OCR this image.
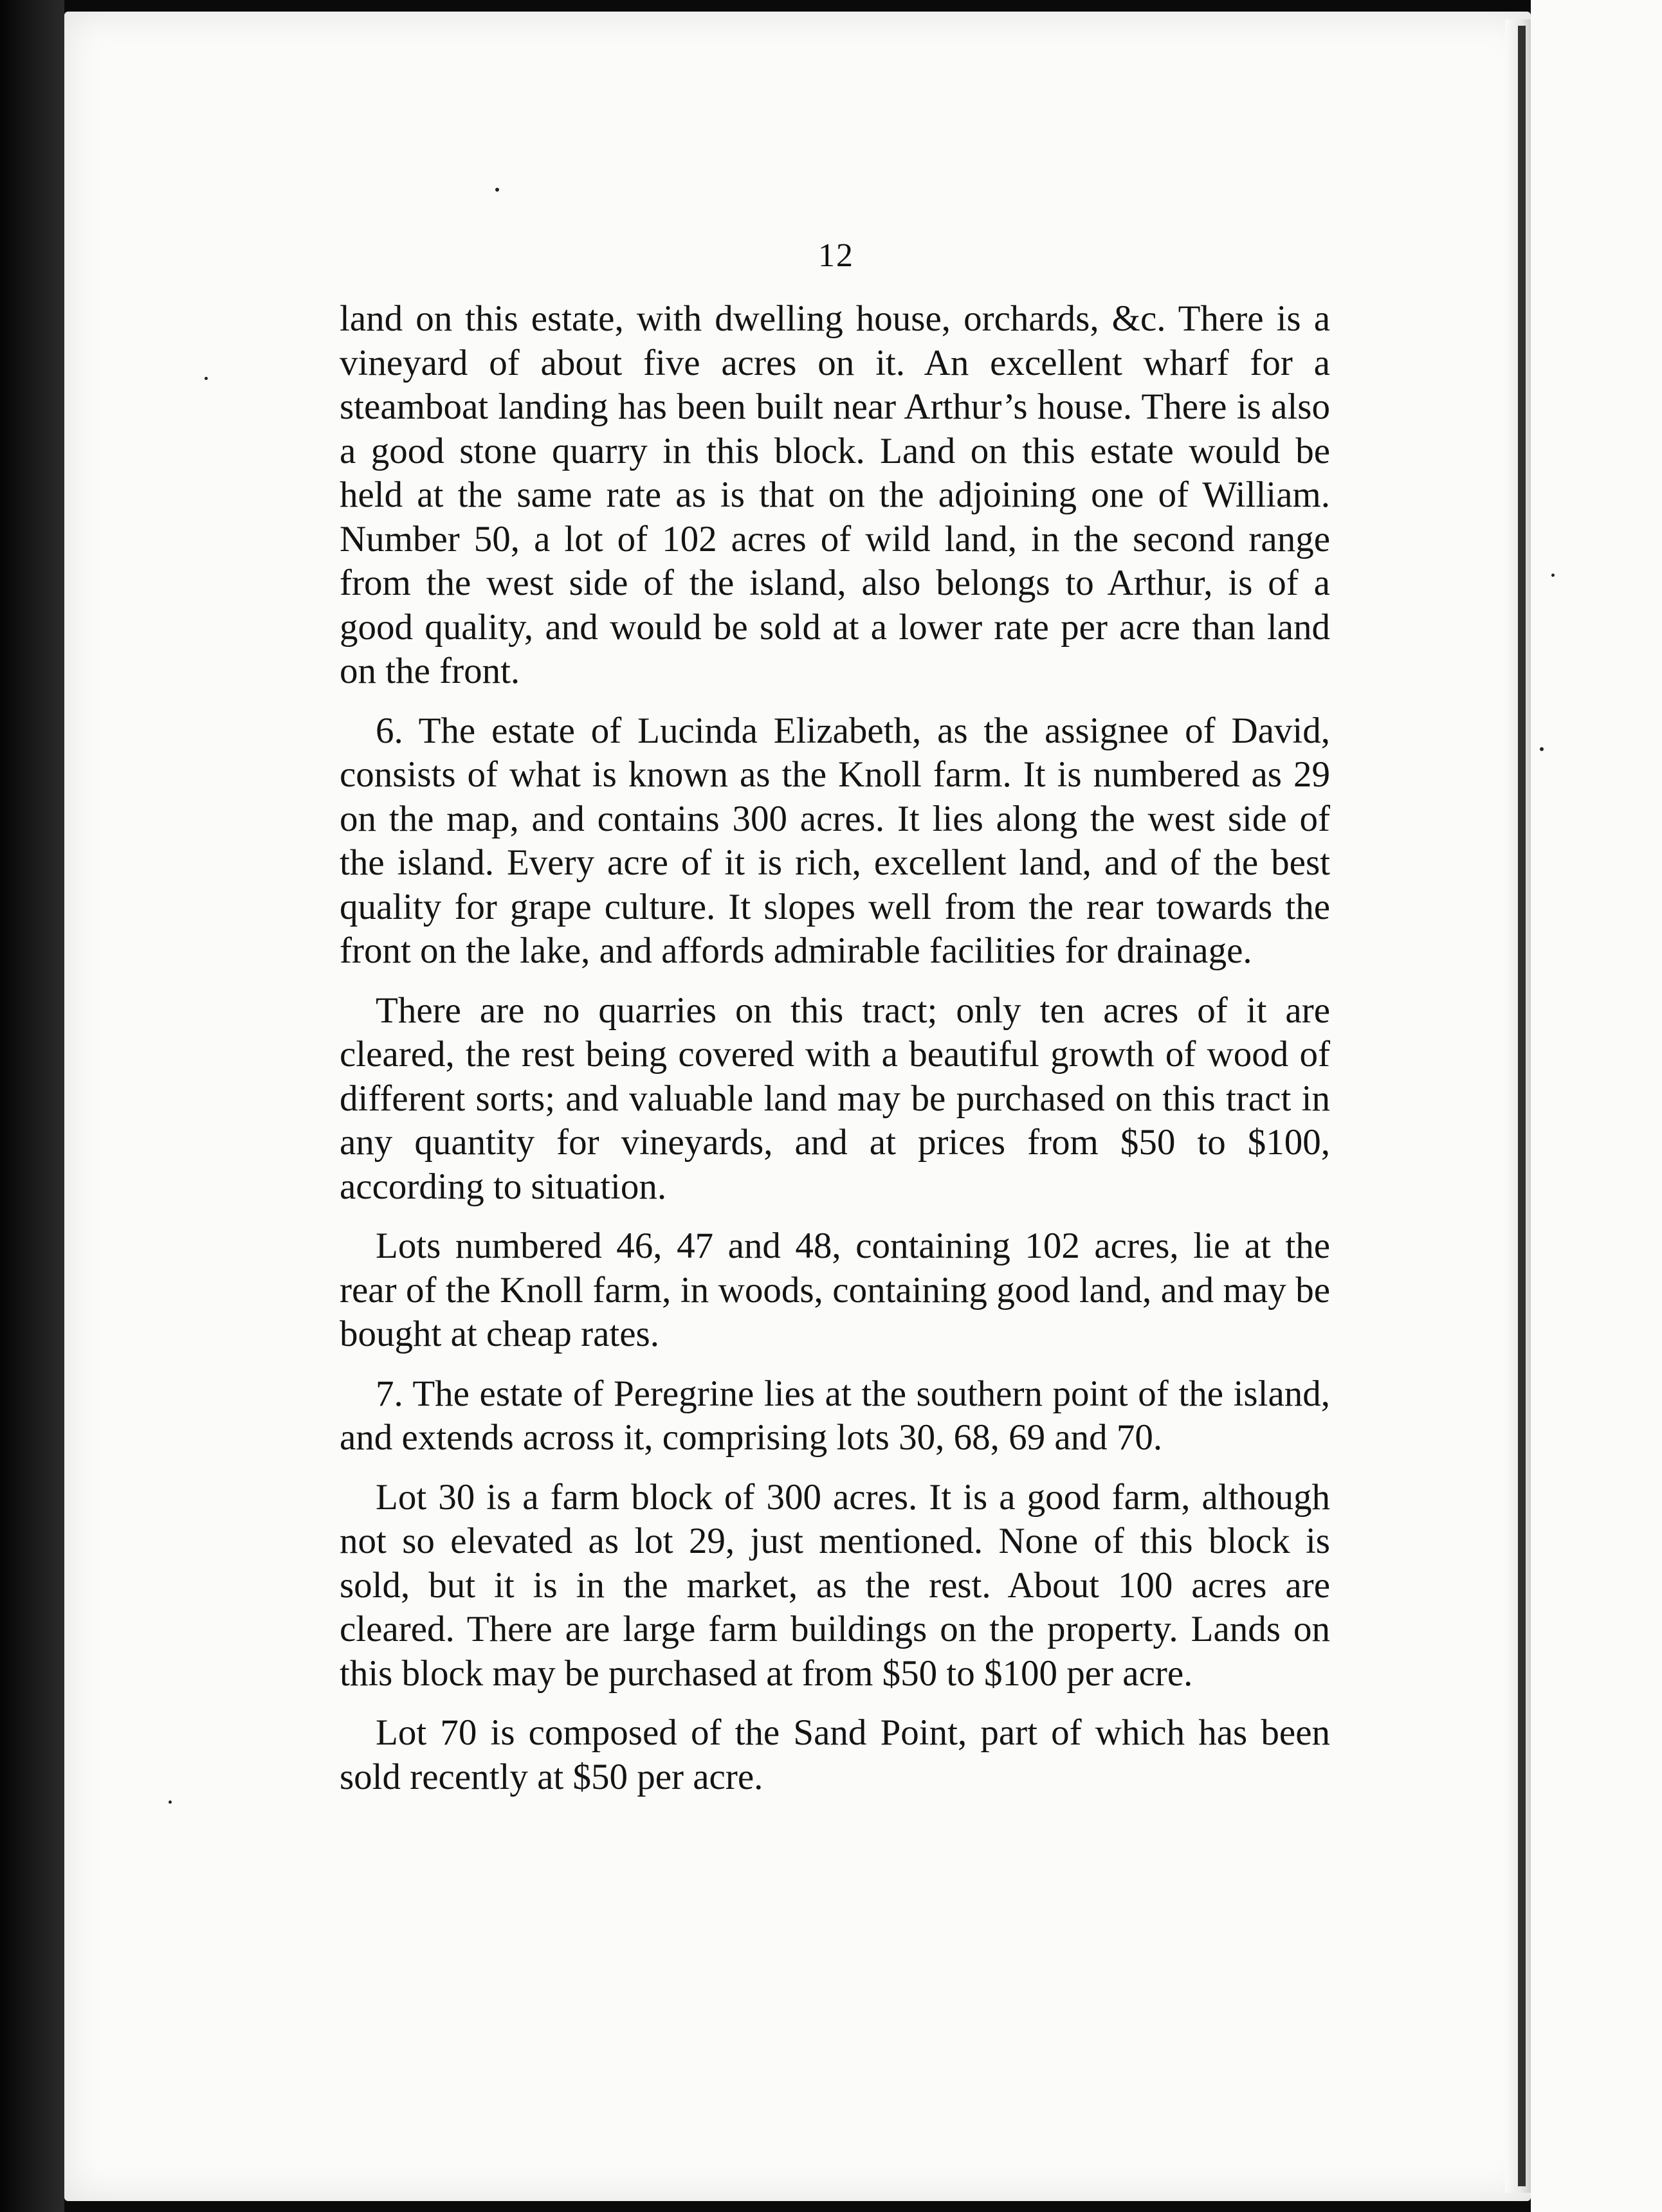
12

land on this estate, with dwelling house, orchards, &c. There is a vineyard of about five acres on it. An excellent wharf for a steamboat landing has been built near Arthur’s house. There is also a good stone quarry in this block. Land on this estate would be held at the same rate as is that on the adjoining one of William. Number 50, a lot of 102 acres of wild land, in the second range from the west side of the island, also belongs to Arthur, is of a good quality, and would be sold at a lower rate per acre than land on the front.

6. The estate of Lucinda Elizabeth, as the assignee of David, consists of what is known as the Knoll farm. It is numbered as 29 on the map, and contains 300 acres. It lies along the west side of the island. Every acre of it is rich, excellent land, and of the best quality for grape culture. It slopes well from the rear towards the front on the lake, and affords admirable facilities for drainage.

There are no quarries on this tract; only ten acres of it are cleared, the rest being covered with a beautiful growth of wood of different sorts; and valuable land may be purchased on this tract in any quantity for vineyards, and at prices from $50 to $100, according to situation.

Lots numbered 46, 47 and 48, containing 102 acres, lie at the rear of the Knoll farm, in woods, containing good land, and may be bought at cheap rates.

7. The estate of Peregrine lies at the southern point of the island, and extends across it, comprising lots 30, 68, 69 and 70.

Lot 30 is a farm block of 300 acres. It is a good farm, although not so elevated as lot 29, just mentioned. None of this block is sold, but it is in the market, as the rest. About 100 acres are cleared. There are large farm buildings on the property. Lands on this block may be purchased at from $50 to $100 per acre.

Lot 70 is composed of the Sand Point, part of which has been sold recently at $50 per acre.
